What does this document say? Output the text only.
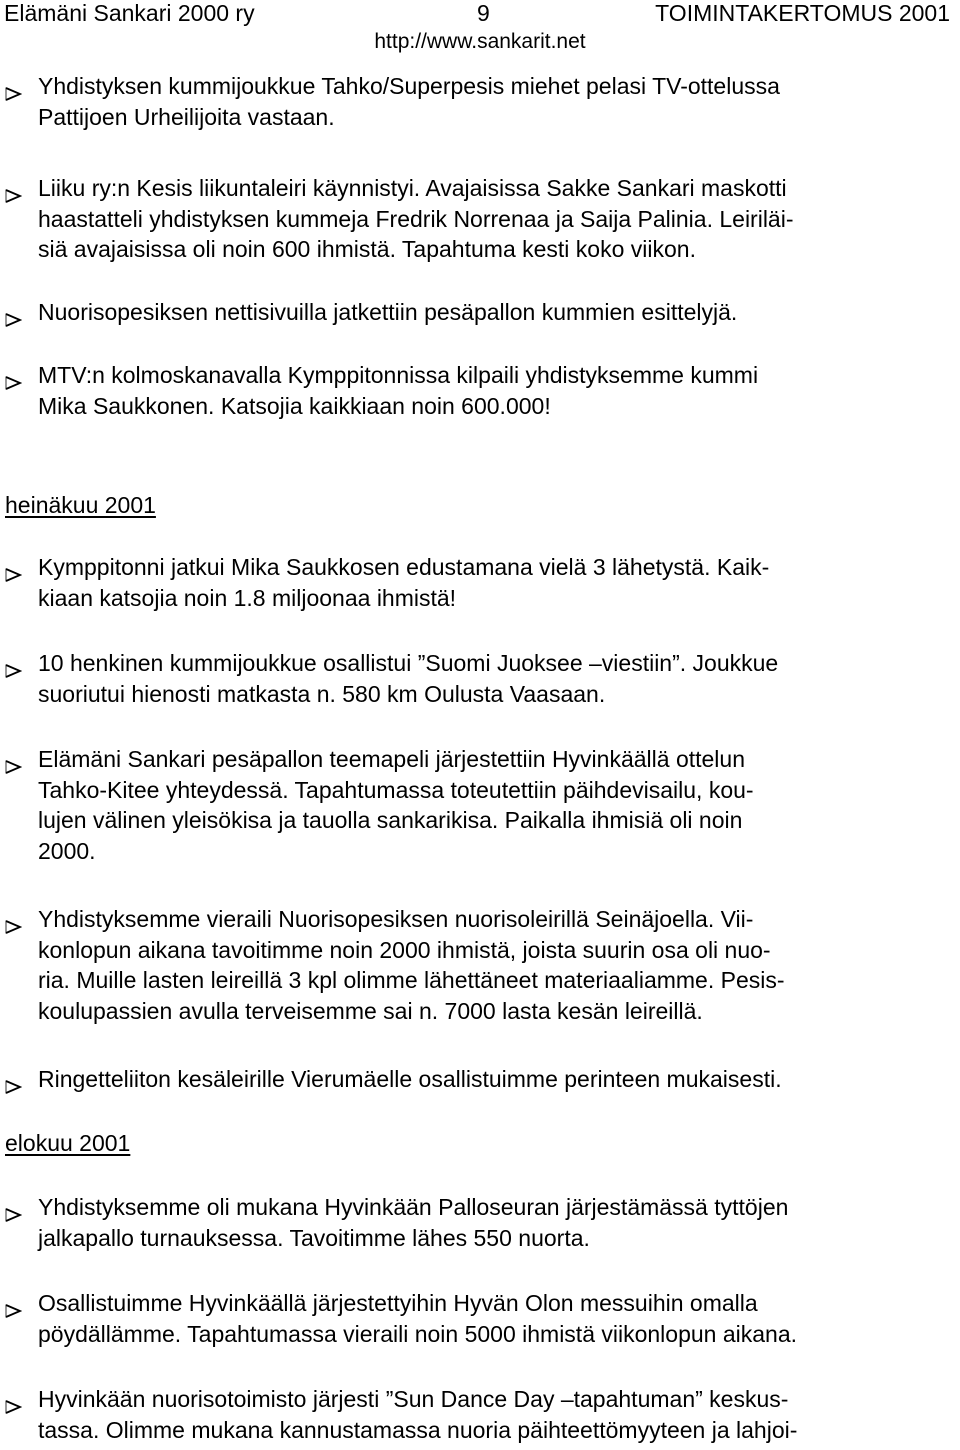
Elämäni Sankari 2000 ry	9	TOIMINTAKERTOMUS 2001
http://www.sankarit.net
Yhdistyksen kummijoukkue Tahko/Superpesis miehet pelasi TV-ottelussa
Pattijoen Urheilijoita vastaan.
Liiku ry:n Kesis liikuntaleiri käynnistyi. Avajaisissa Sakke Sankari maskotti
haastatteli yhdistyksen kummeja Fredrik Norrenaa ja Saija Palinia. Leiriläi-
siä avajaisissa oli noin 600 ihmistä. Tapahtuma kesti koko viikon.
Nuorisopesiksen nettisivuilla jatkettiin pesäpallon kummien esittelyjä.
MTV:n kolmoskanavalla Kymppitonnissa kilpaili yhdistyksemme kummi
Mika Saukkonen. Katsojia kaikkiaan noin 600.000!
heinäkuu 2001
Kymppitonni jatkui Mika Saukkosen edustamana vielä 3 lähetystä. Kaik-
kiaan katsojia noin 1.8 miljoonaa ihmistä!
10 henkinen kummijoukkue osallistui ”Suomi Juoksee –viestiin”. Joukkue
suoriutui hienosti matkasta n. 580 km Oulusta Vaasaan.
Elämäni Sankari pesäpallon teemapeli järjestettiin Hyvinkäällä ottelun
Tahko-Kitee yhteydessä. Tapahtumassa toteutettiin päihdevisailu, kou-
lujen välinen yleisökisa ja tauolla sankarikisa. Paikalla ihmisiä oli noin
2000.
Yhdistyksemme vieraili Nuorisopesiksen nuorisoleirillä Seinäjoella. Vii-
konlopun aikana tavoitimme noin 2000 ihmistä, joista suurin osa oli nuo-
ria. Muille lasten leireillä 3 kpl olimme lähettäneet materiaaliamme. Pesis-
koulupassien avulla terveisemme sai n. 7000 lasta kesän leireillä.
Ringetteliiton kesäleirille Vierumäelle osallistuimme perinteen mukaisesti.
elokuu 2001
Yhdistyksemme oli mukana Hyvinkään Palloseuran järjestämässä tyttöjen
jalkapallo turnauksessa. Tavoitimme lähes 550 nuorta.
Osallistuimme Hyvinkäällä järjestettyihin Hyvän Olon messuihin omalla
pöydällämme. Tapahtumassa vieraili noin 5000 ihmistä viikonlopun aikana.
Hyvinkään nuorisotoimisto järjesti ”Sun Dance Day –tapahtuman” keskus-
tassa. Olimme mukana kannustamassa nuoria päihteettömyyteen ja lahjoi-
